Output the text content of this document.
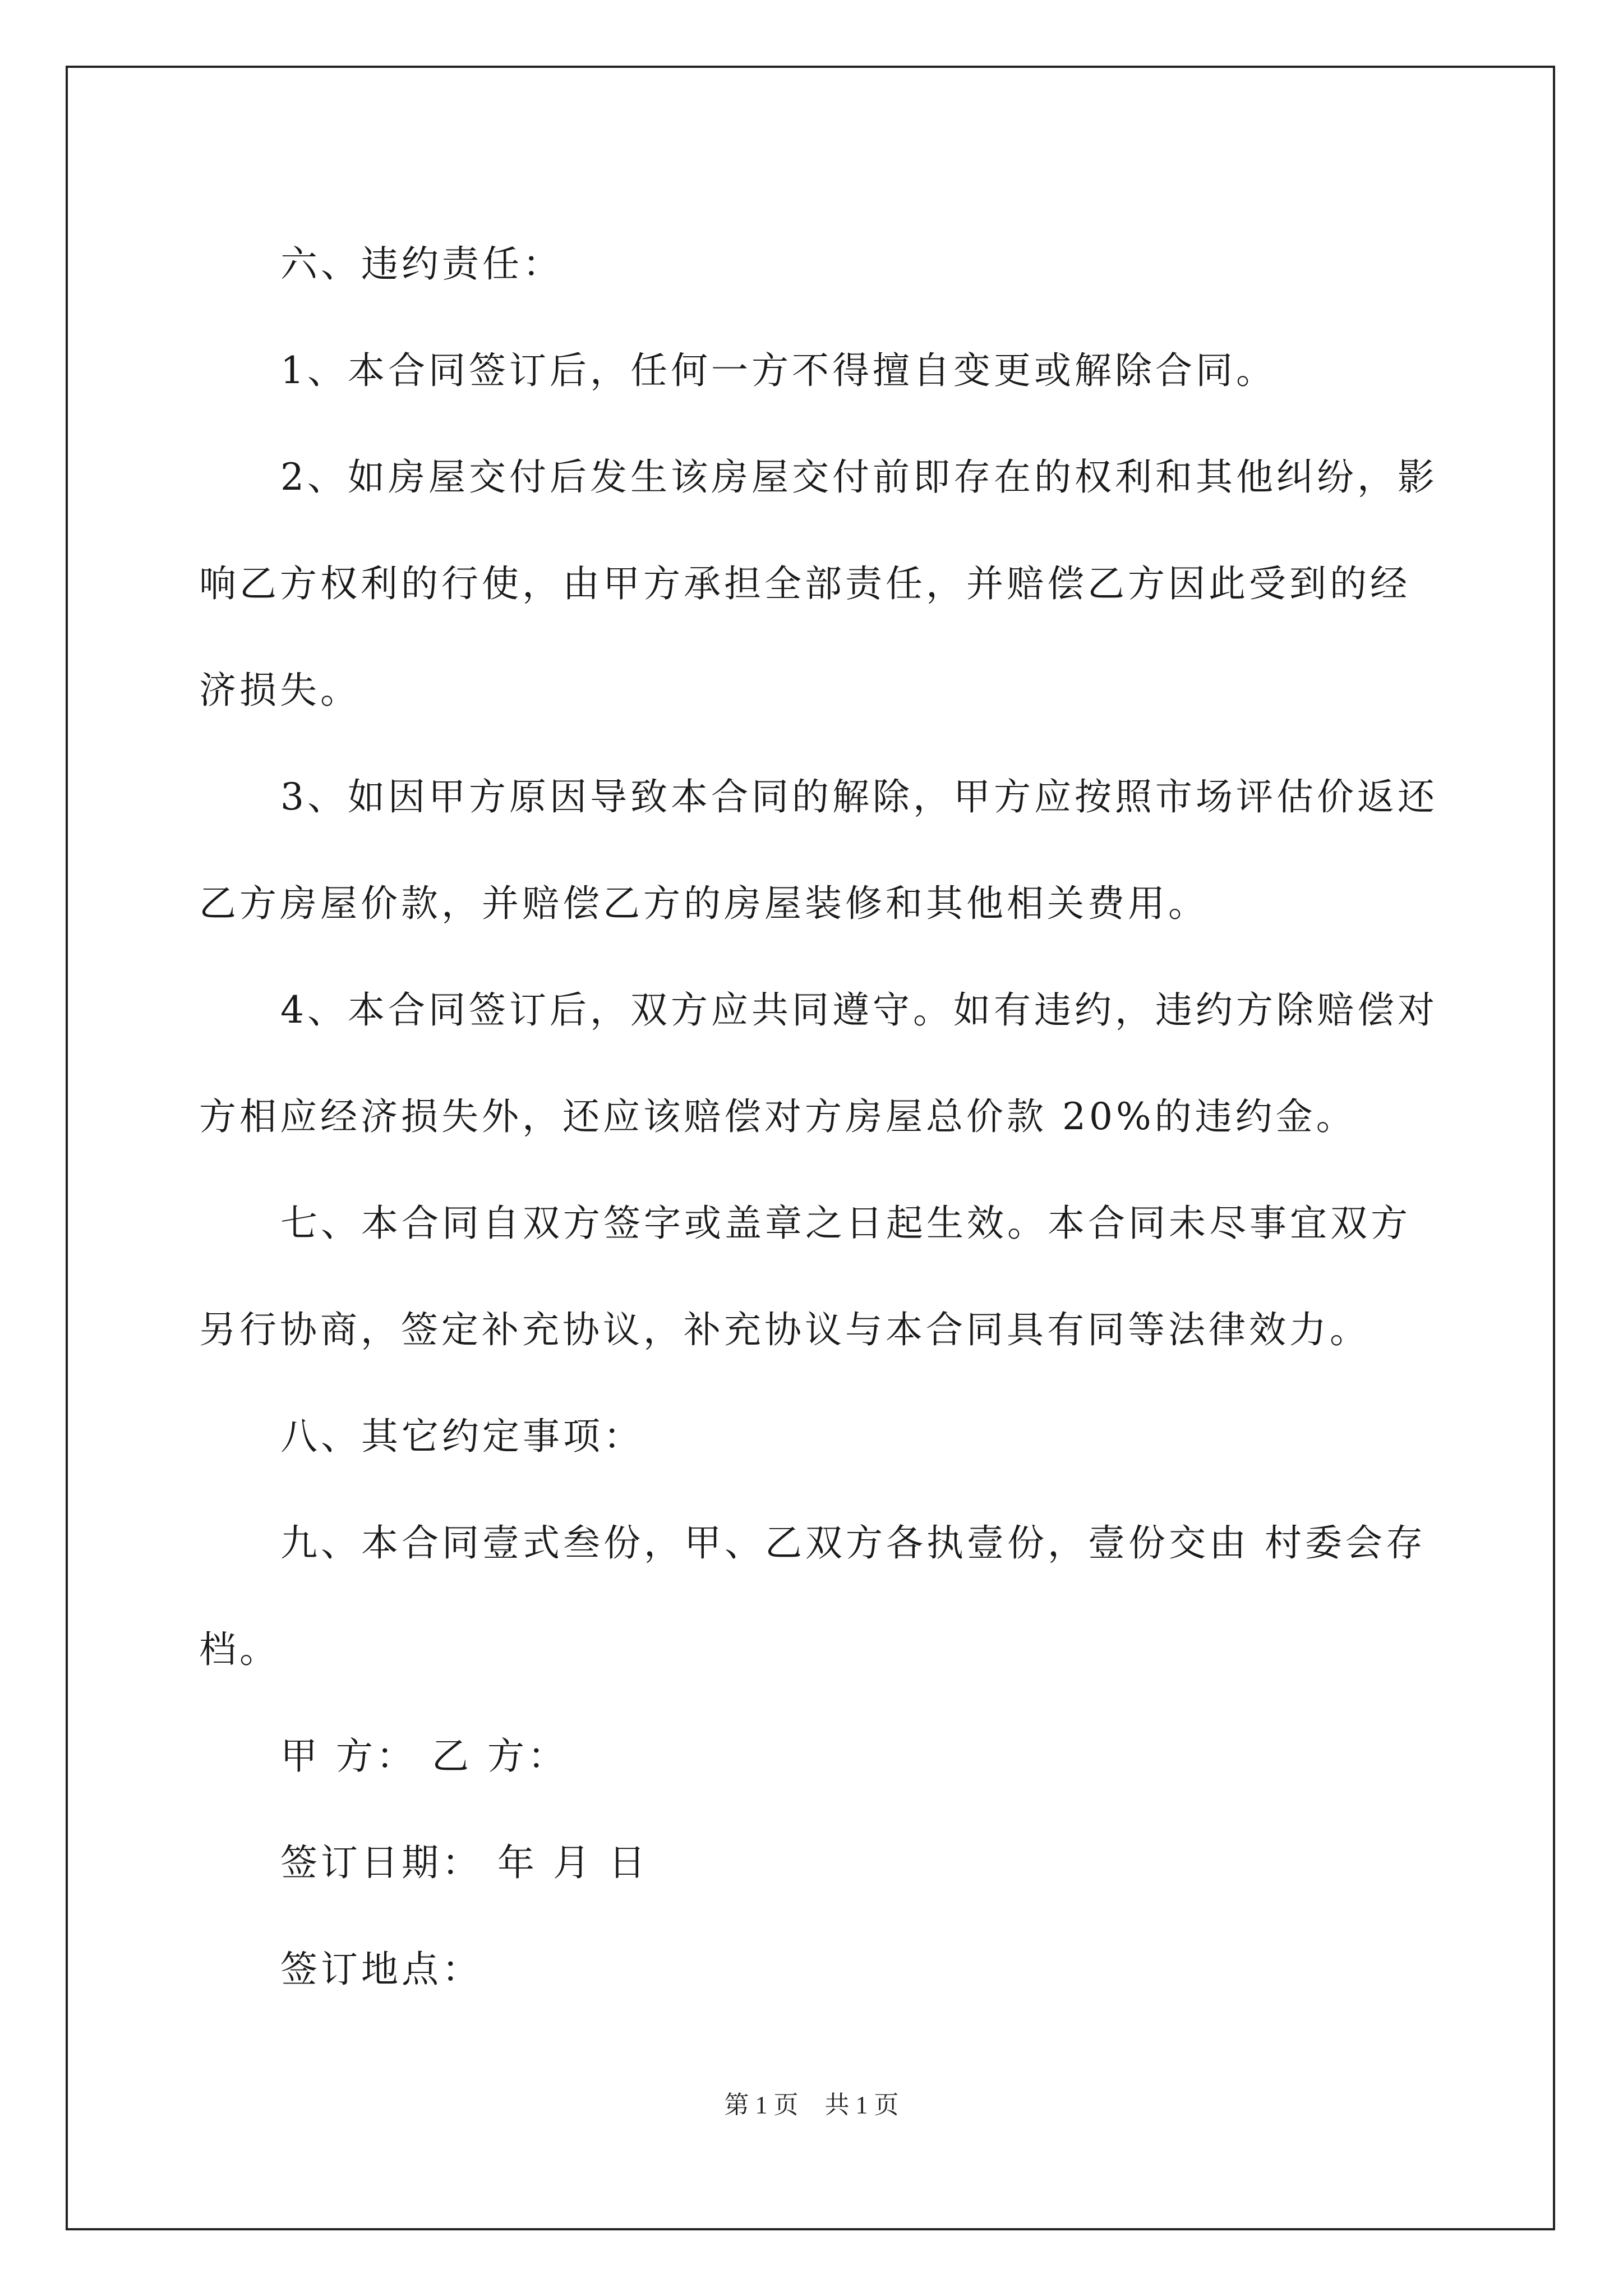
六、违约责任：
1、本合同签订后，任何一方不得擅自变更或解除合同。
2、如房屋交付后发生该房屋交付前即存在的权利和其他纠纷，影
响乙方权利的行使，由甲方承担全部责任，并赔偿乙方因此受到的经
济损失。
3、如因甲方原因导致本合同的解除，甲方应按照市场评估价返还
乙方房屋价款，并赔偿乙方的房屋装修和其他相关费用。
4、本合同签订后，双方应共同遵守。如有违约，违约方除赔偿对
方相应经济损失外，还应该赔偿对方房屋总价款 20%的违约金。
七、本合同自双方签字或盖章之日起生效。本合同未尽事宜双方
另行协商，签定补充协议，补充协议与本合同具有同等法律效力。
八、其它约定事项：
九、本合同壹式叁份，甲、乙双方各执壹份，壹份交由 村委会存
档。
甲 方： 乙 方：
签订日期： 年 月 日
签订地点：
第 1 页 共 1 页
